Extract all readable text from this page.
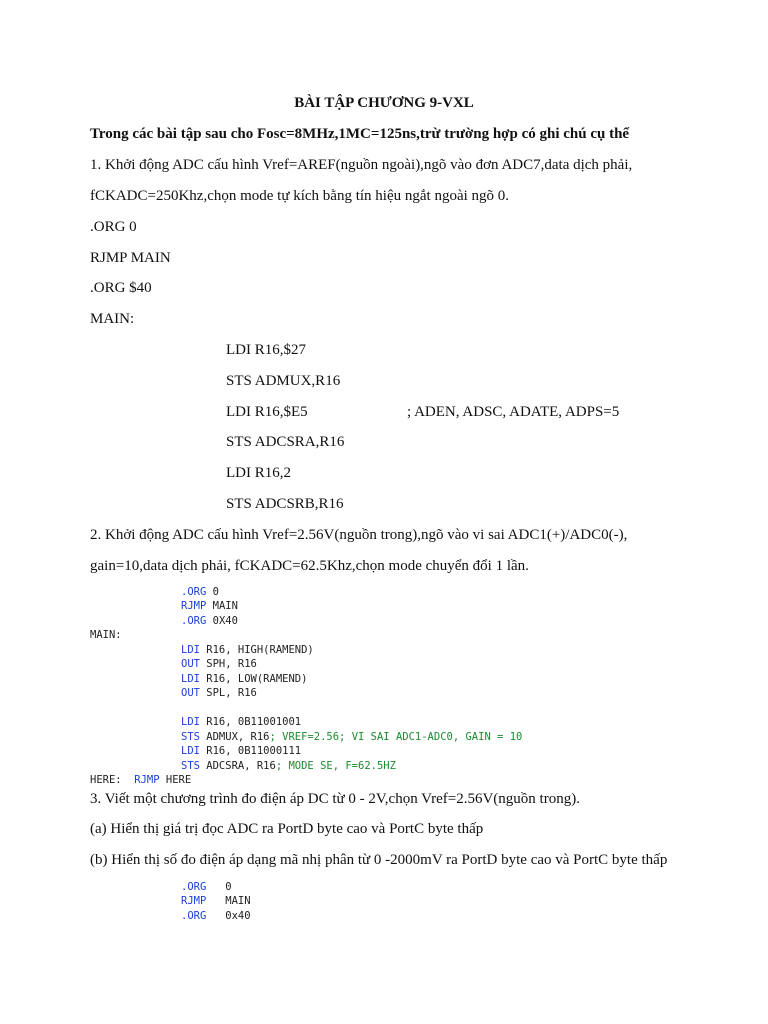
BÀI TẬP CHƯƠNG 9-VXL
Trong các bài tập sau cho Fosc=8MHz,1MC=125ns,trừ trường hợp có ghi chú cụ thể
1. Khởi động ADC cấu hình Vref=AREF(nguồn ngoài),ngõ vào đơn ADC7,data dịch phải,
fCKADC=250Khz,chọn mode tự kích bằng tín hiệu ngắt ngoài ngõ 0.
.ORG 0
RJMP MAIN
.ORG $40
MAIN:
LDI R16,$27
STS ADMUX,R16
LDI R16,$E5	; ADEN, ADSC, ADATE, ADPS=5
STS ADCSRA,R16
LDI R16,2
STS ADCSRB,R16
2. Khởi động ADC cấu hình Vref=2.56V(nguồn trong),ngõ vào vi sai ADC1(+)/ADC0(-),
gain=10,data dịch phải, fCKADC=62.5Khz,chọn mode chuyển đổi 1 lần.
.ORG 0
RJMP MAIN
.ORG 0X40
MAIN:
LDI R16, HIGH(RAMEND)
OUT SPH, R16
LDI R16, LOW(RAMEND)
OUT SPL, R16
LDI R16, 0B11001001
STS ADMUX, R16; VREF=2.56; VI SAI ADC1-ADC0, GAIN = 10
LDI R16, 0B11000111
STS ADCSRA, R16; MODE SE, F=62.5HZ
HERE:  RJMP HERE
3. Viết một chương trình đo điện áp DC từ 0 - 2V,chọn Vref=2.56V(nguồn trong).
(a) Hiển thị giá trị đọc ADC ra PortD byte cao và PortC byte thấp
(b) Hiển thị số đo điện áp dạng mã nhị phân từ 0 -2000mV ra PortD byte cao và PortC byte thấp
.ORG   0
RJMP   MAIN
.ORG   0x40
